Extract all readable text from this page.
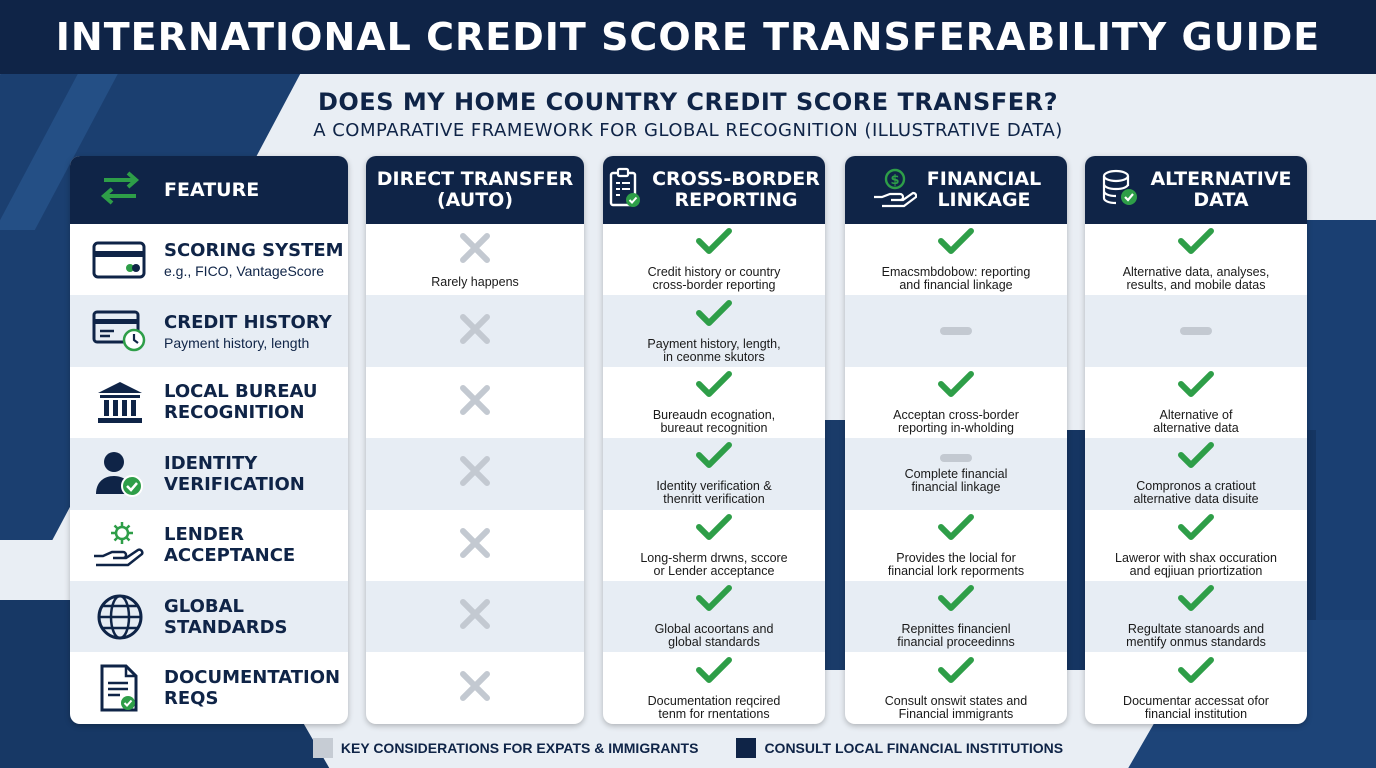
INTERNATIONAL CREDIT SCORE TRANSFERABILITY GUIDE
DOES MY HOME COUNTRY CREDIT SCORE TRANSFER?
A COMPARATIVE FRAMEWORK FOR GLOBAL RECOGNITION (ILLUSTRATIVE DATA)
FEATURE
SCORING SYSTEM
e.g., FICO, VantageScore
CREDIT HISTORY
Payment history, length
LOCAL BUREAU
RECOGNITION
IDENTITY
VERIFICATION
LENDER
ACCEPTANCE
GLOBAL
STANDARDS
DOCUMENTATION
REQS
DIRECT TRANSFER
(AUTO)
Rarely happens
CROSS-BORDER
REPORTING
Credit history or country
cross-border reporting
Payment history, length,
in ceonme skutors
Bureaudn ecognation,
bureaut recognition
Identity verification &
thenritt verification
Long-sherm drwns, sccore
or Lender acceptance
Global acoortans and
global standards
Documentation reqcired
tenm for rnentations
$ FINANCIAL
LINKAGE
Emacsmbdobow: reporting
and financial linkage
Acceptan cross-border
reporting in-wholding
Complete financial
financial linkage
Provides the locial for
financial lork reporments
Repnittes financienl
financial proceedinns
Consult onswit states and
Financial immigrants
ALTERNATIVE
DATA
Alternative data, analyses,
results, and mobile datas
Alternative of
alternative data
Compronos a cratiout
alternative data disuite
Laweror with shax occuration
and eqjiuan priortization
Regultate stanoards and
mentify onmus standards
Documentar accessat ofor
financial institution
KEY CONSIDERATIONS FOR EXPATS & IMMIGRANTS	CONSULT LOCAL FINANCIAL INSTITUTIONS
